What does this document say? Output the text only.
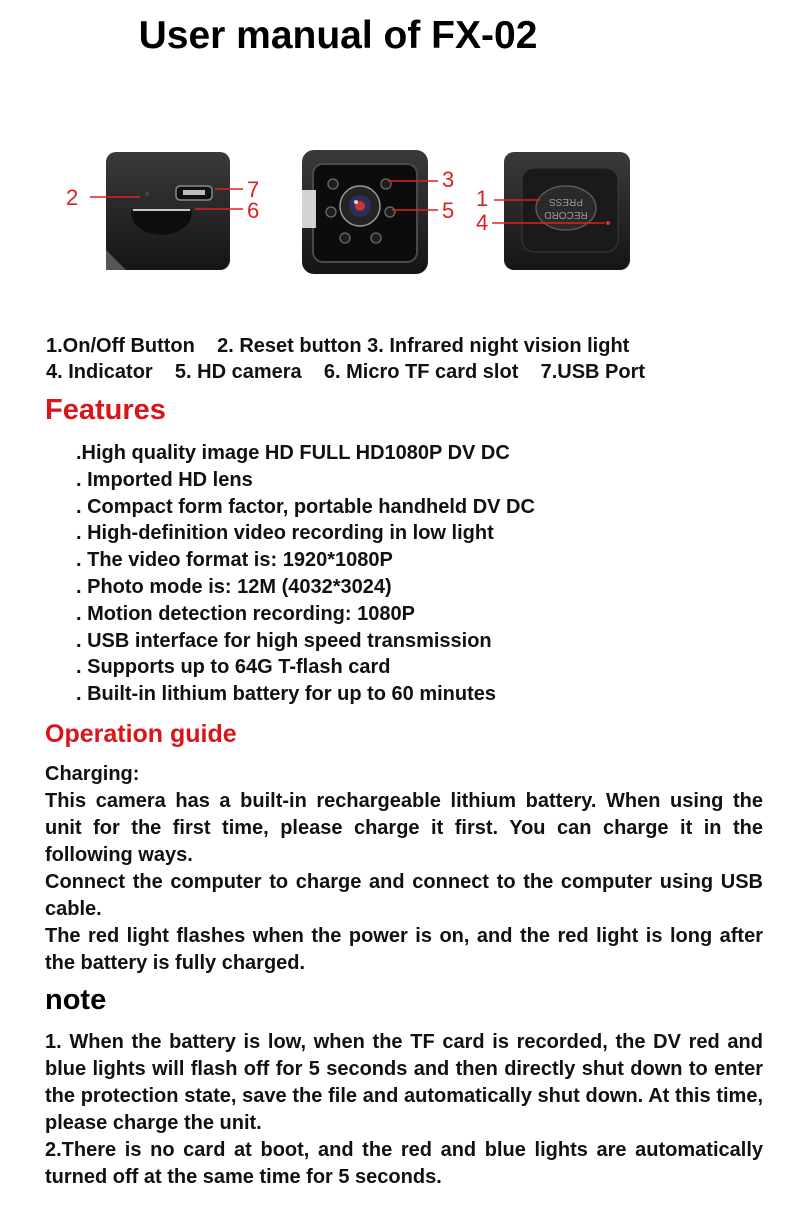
User manual of FX-02
2	7
6
3
5	RECORD
PRESS
1
4
1.On/Off Button    2. Reset button 3. Infrared night vision light
4. Indicator    5. HD camera    6. Micro TF card slot    7.USB Port
Features
.High quality image HD FULL HD1080P DV DC
. Imported HD lens
. Compact form factor, portable handheld DV DC
. High-definition video recording in low light
. The video format is: 1920*1080P
. Photo mode is: 12M (4032*3024)
. Motion detection recording: 1080P
. USB interface for high speed transmission
. Supports up to 64G T-flash card
. Built-in lithium battery for up to 60 minutes
Operation guide

Charging:

This camera has a built-in rechargeable lithium battery. When using the unit for the first time, please charge it first. You can charge it in the following ways.

Connect the computer to charge and connect to the computer using USB cable.

The red light flashes when the power is on, and the red light is long after the battery is fully charged.

note

1. When the battery is low, when the TF card is recorded, the DV red and blue lights will flash off for 5 seconds and then directly shut down to enter the protection state, save the file and automatically shut down. At this time, please charge the unit.

2.There is no card at boot, and the red and blue lights are automatically turned off at the same time for 5 seconds.
